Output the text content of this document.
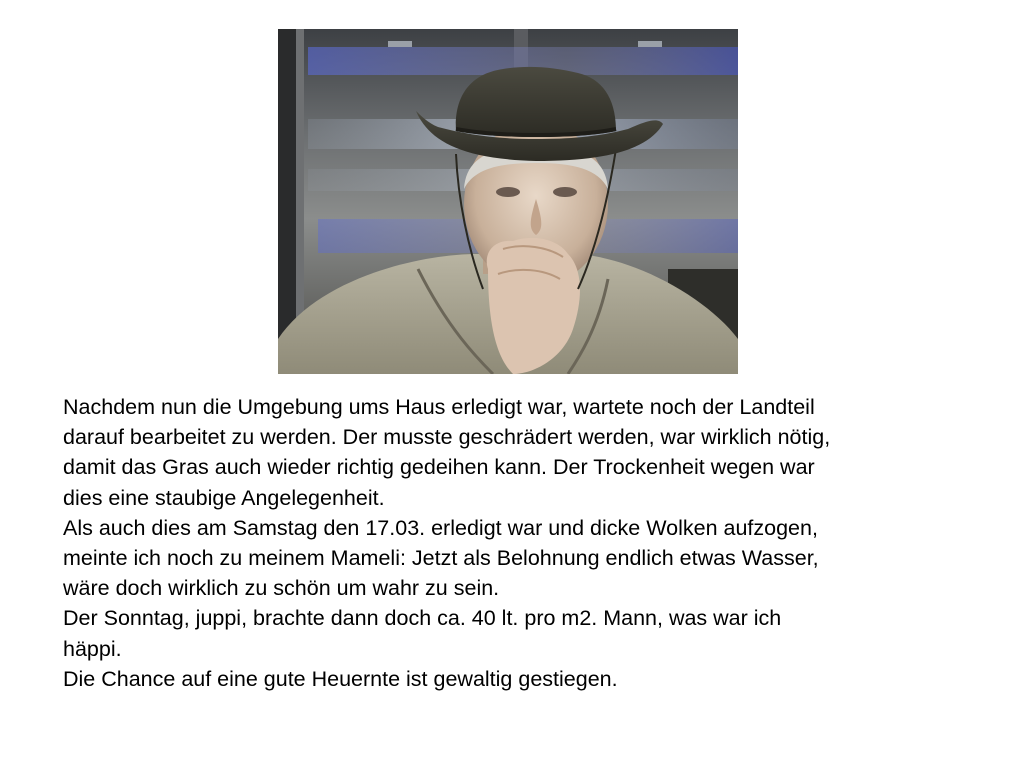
Nachdem nun die Umgebung ums Haus erledigt war, wartete noch der Landteil
darauf bearbeitet zu werden. Der musste geschrädert werden, war wirklich nötig,
damit das Gras auch wieder richtig gedeihen kann. Der Trockenheit wegen war
dies eine staubige Angelegenheit.
Als auch dies am Samstag den 17.03. erledigt war und dicke Wolken aufzogen,
meinte ich noch zu meinem Mameli: Jetzt als Belohnung endlich etwas Wasser,
wäre doch wirklich zu schön um wahr zu sein.
Der Sonntag, juppi, brachte dann doch ca. 40 lt. pro m2. Mann, was war ich
häppi.
Die Chance auf eine gute Heuernte ist gewaltig gestiegen.
